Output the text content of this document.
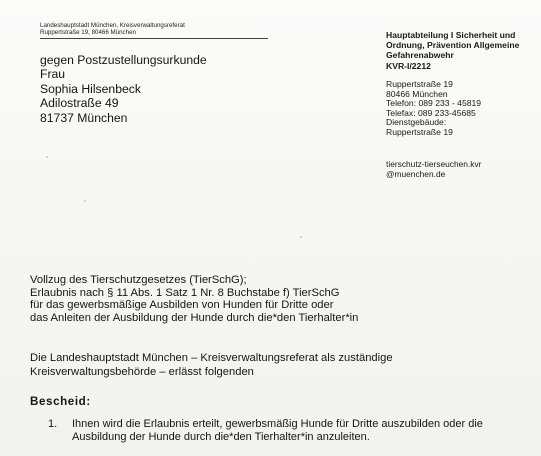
Landeshauptstadt München, Kreisverwaltungsreferat
Ruppertstraße 19, 80466 München
gegen Postzustellungsurkunde
Frau
Sophia Hilsenbeck
Adilostraße 49
81737 München
Hauptabteilung I Sicherheit und
Ordnung, Prävention Allgemeine
Gefahrenabwehr
KVR-I/2212
Ruppertstraße 19
80466 München
Telefon: 089 233 - 45819
Telefax: 089 233-45685
Dienstgebäude:
Ruppertstraße 19
tierschutz-tierseuchen.kvr
@muenchen.de
Vollzug des Tierschutzgesetzes (TierSchG);
Erlaubnis nach § 11 Abs. 1 Satz 1 Nr. 8 Buchstabe f) TierSchG
für das gewerbsmäßige Ausbilden von Hunden für Dritte oder
das Anleiten der Ausbildung der Hunde durch die*den Tierhalter*in
Die Landeshauptstadt München – Kreisverwaltungsreferat als zuständige
Kreisverwaltungsbehörde – erlässt folgenden
Bescheid:
1. Ihnen wird die Erlaubnis erteilt, gewerbsmäßig Hunde für Dritte auszubilden oder die
Ausbildung der Hunde durch die*den Tierhalter*in anzuleiten.
